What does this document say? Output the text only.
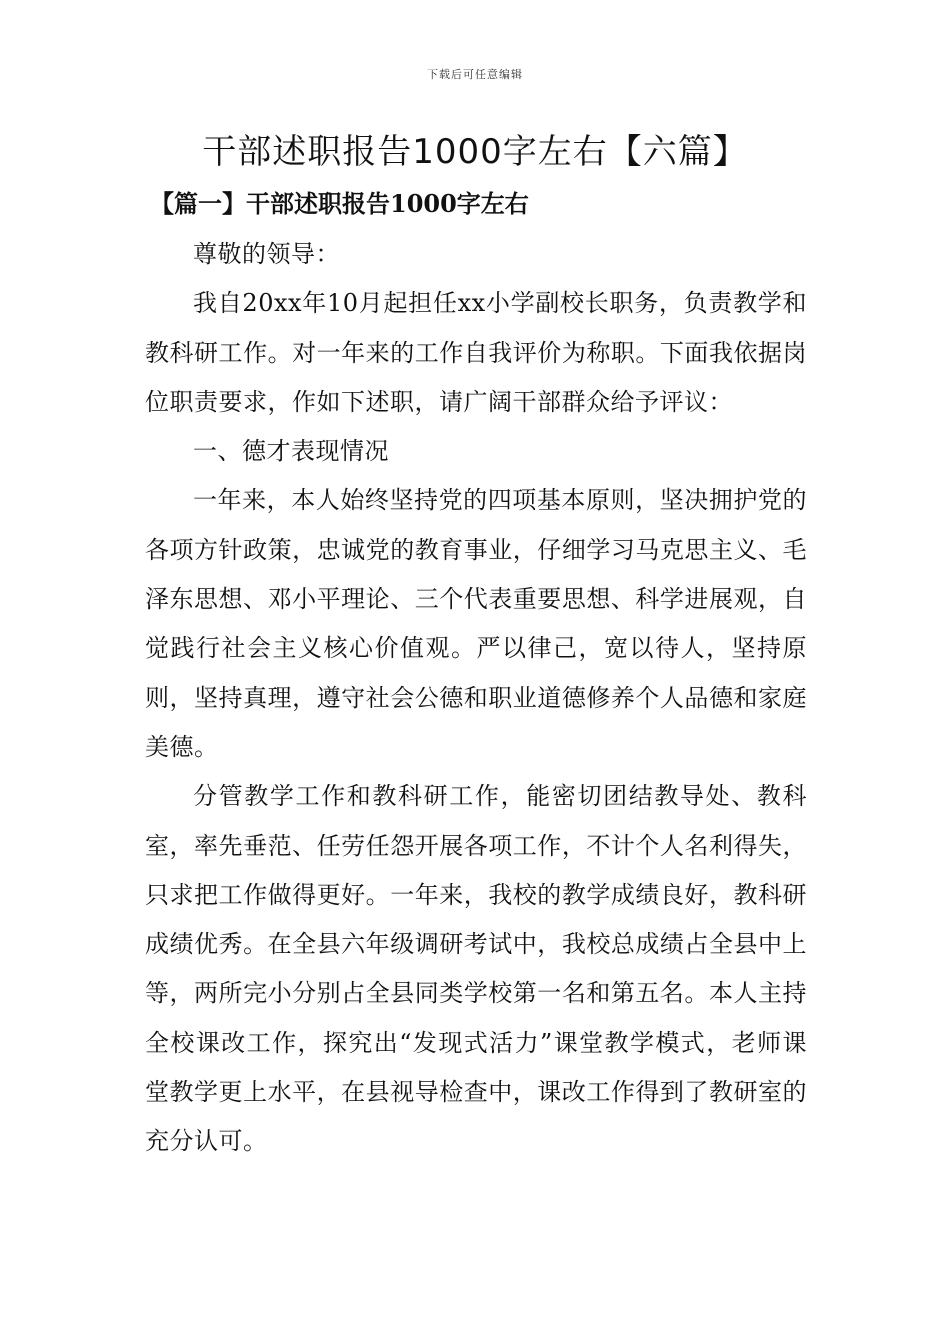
下载后可任意编辑
干部述职报告1000字左右【六篇】
【篇一】干部述职报告1000字左右

尊敬的领导：

我自20xx年10月起担任xx小学副校长职务，负责教学和教科研工作。对一年来的工作自我评价为称职。下面我依据岗位职责要求，作如下述职，请广阔干部群众给予评议：

一、德才表现情况

一年来，本人始终坚持党的四项基本原则，坚决拥护党的各项方针政策，忠诚党的教育事业，仔细学习马克思主义、毛泽东思想、邓小平理论、三个代表重要思想、科学进展观，自觉践行社会主义核心价值观。严以律己，宽以待人，坚持原则，坚持真理，遵守社会公德和职业道德修养个人品德和家庭美德。

分管教学工作和教科研工作，能密切团结教导处、教科室，率先垂范、任劳任怨开展各项工作，不计个人名利得失，只求把工作做得更好。一年来，我校的教学成绩良好，教科研成绩优秀。在全县六年级调研考试中，我校总成绩占全县中上等，两所完小分别占全县同类学校第一名和第五名。本人主持全校课改工作，探究出“发现式活力”课堂教学模式，老师课堂教学更上水平，在县视导检查中，课改工作得到了教研室的充分认可。
